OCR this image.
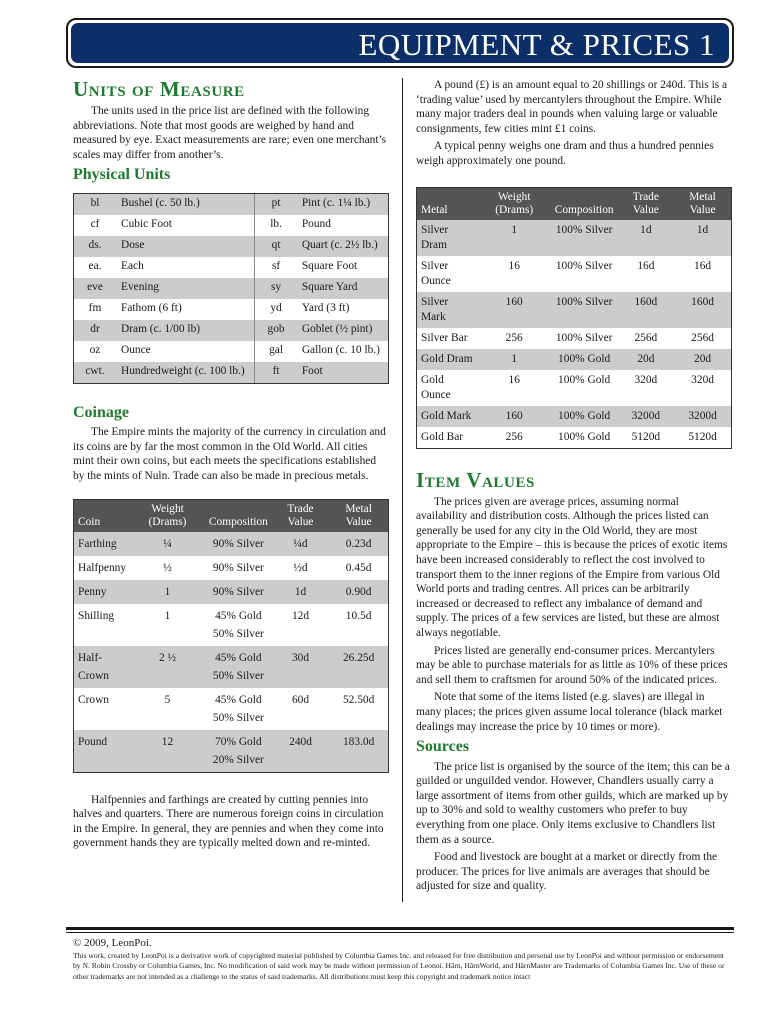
EQUIPMENT & PRICES 1
Units of Measure

The units used in the price list are defined with the following abbreviations. Note that most goods are weighed by hand and measured by eye. Exact measurements are rare; even one merchant’s scales may differ from another’s.

Physical Units
bl	Bushel (c. 50 lb.)	pt	Pint (c. 1¼ lb.)
cf	Cubic Foot	lb.	Pound
ds.	Dose	qt	Quart (c. 2½ lb.)
ea.	Each	sf	Square Foot
eve	Evening	sy	Square Yard
fm	Fathom (6 ft)	yd	Yard (3 ft)
dr	Dram (c. 1/00 lb)	gob	Goblet (½ pint)
oz	Ounce	gal	Gallon (c. 10 lb.)
cwt.	Hundredweight (c. 100 lb.)	ft	Foot
Coinage

The Empire mints the majority of the currency in circulation and its coins are by far the most common in the Old World. All cities mint their own coins, but each meets the specifications established by the mints of Nuln. Trade can also be made in precious metals.

Coin	Weight (Drams)	Composition	Trade Value	Metal Value
Farthing	¼	90% Silver	¼d	0.23d
Halfpenny	½	90% Silver	½d	0.45d
Penny	1	90% Silver	1d	0.90d
Shilling	1	45% Gold
50% Silver	12d	10.5d
Half-
Crown	2 ½	45% Gold
50% Silver	30d	26.25d
Crown	5	45% Gold
50% Silver	60d	52.50d
Pound	12	70% Gold
20% Silver	240d	183.0d

Halfpennies and farthings are created by cutting pennies into halves and quarters. There are numerous foreign coins in circulation in the Empire. In general, they are pennies and when they come into government hands they are typically melted down and re-minted.

A pound (£) is an amount equal to 20 shillings or 240d. This is a ‘trading value’ used by mercantylers throughout the Empire. While many major traders deal in pounds when valuing large or valuable consignments, few cities mint £1 coins.

A typical penny weighs one dram and thus a hundred pennies weigh approximately one pound.

Metal	Weight (Drams)	Composition	Trade Value	Metal Value
Silver Dram	1	100% Silver	1d	1d
Silver Ounce	16	100% Silver	16d	16d
Silver Mark	160	100% Silver	160d	160d
Silver Bar	256	100% Silver	256d	256d
Gold Dram	1	100% Gold	20d	20d
Gold Ounce	16	100% Gold	320d	320d
Gold Mark	160	100% Gold	3200d	3200d
Gold Bar	256	100% Gold	5120d	5120d
Item Values

The prices given are average prices, assuming normal availability and distribution costs. Although the prices listed can generally be used for any city in the Old World, they are most appropriate to the Empire – this is because the prices of exotic items have been increased considerably to reflect the cost involved to transport them to the inner regions of the Empire from various Old World ports and trading centres. All prices can be arbitrarily increased or decreased to reflect any imbalance of demand and supply. The prices of a few services are listed, but these are almost always negotiable.

Prices listed are generally end-consumer prices. Mercantylers may be able to purchase materials for as little as 10% of these prices and sell them to craftsmen for around 50% of the indicated prices.

Note that some of the items listed (e.g. slaves) are illegal in many places; the prices given assume local tolerance (black market dealings may increase the price by 10 times or more).

Sources

The price list is organised by the source of the item; this can be a guilded or unguilded vendor. However, Chandlers usually carry a large assortment of items from other guilds, which are marked up by up to 30% and sold to wealthy customers who prefer to buy everything from one place. Only items exclusive to Chandlers list them as a source.

Food and livestock are bought at a market or directly from the producer. The prices for live animals are averages that should be adjusted for size and quality.

© 2009, LeonPoi.
This work, created by LeonPoi is a derivative work of copyrighted material published by Columbia Games Inc. and released for free distribution and personal use by LeonPoi and without permission or endorsement by N. Robin Crossby or Columbia Games, Inc. No modification of said work may be made without permission of Leonoi. Hârn, HârnWorld, and HârnMaster are Trademarks of Columbia Games Inc. Use of these or other trademarks are not intended as a challenge to the status of said trademarks. All distributions must keep this copyright and trademark notice intact
